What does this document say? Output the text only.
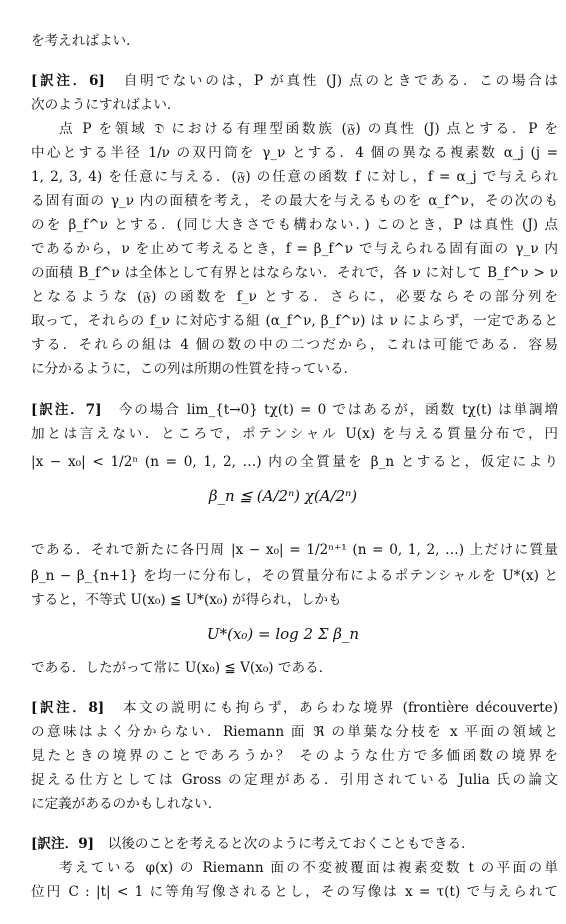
を考えればよい．
[訳注．6]　自明でないのは，P が真性 (J) 点のときである．この場合は
次のようにすればよい．
点 P を領域 𝔇 における有理型函数族 (𝔉) の真性 (J) 点とする．P を
中心とする半径 1/ν の双円筒を γ_ν とする．4 個の異なる複素数 α_j (j =
1, 2, 3, 4) を任意に与える．(𝔉) の任意の函数 f に対し，f = α_j で与えられ
る固有面の γ_ν 内の面積を考え，その最大を与えるものを α_f^ν，その次のも
のを β_f^ν とする．(同じ大きさでも構わない．) このとき，P は真性 (J) 点
であるから，ν を止めて考えるとき，f = β_f^ν で与えられる固有面の γ_ν 内
の面積 B_f^ν は全体として有界とはならない．それで，各 ν に対して B_f^ν > ν
となるような (𝔉) の函数を f_ν とする．さらに，必要ならその部分列を
取って，それらの f_ν に対応する組 (α_f^ν, β_f^ν) は ν によらず，一定であると
する．それらの組は 4 個の数の中の二つだから，これは可能である．容易
に分かるように，この列は所期の性質を持っている．
[訳注．7]　今の場合 lim_{t→0} tχ(t) = 0 ではあるが，函数 tχ(t) は単調増
加とは言えない．ところで，ポテンシャル U(x) を与える質量分布で，円
|x − x₀| < 1/2ⁿ (n = 0, 1, 2, …) 内の全質量を β_n とすると，仮定により
β_n ≦ (A/2ⁿ) χ(A/2ⁿ)
である．それで新たに各円周 |x − x₀| = 1/2ⁿ⁺¹ (n = 0, 1, 2, …) 上だけに質量
β_n − β_{n+1} を均一に分布し，その質量分布によるポテンシャルを U*(x) と
すると，不等式 U(x₀) ≦ U*(x₀) が得られ，しかも
U*(x₀) = log 2 Σ β_n
である．したがって常に U(x₀) ≦ V(x₀) である．
[訳注．8]　本文の説明にも拘らず，あらわな境界 (frontière découverte)
の意味はよく分からない．Riemann 面 ℜ の単葉な分枝を x 平面の領域と
見たときの境界のことであろうか？ そのような仕方で多価函数の境界を
捉える仕方としては Gross の定理がある．引用されている Julia 氏の論文
に定義があるのかもしれない．
[訳注．9]　以後のことを考えると次のように考えておくこともできる．
考えている φ(x) の Riemann 面の不変被覆面は複素変数 t の平面の単
位円 C : |t| < 1 に等角写像されるとし，その写像は x = τ(t) で与えられて
